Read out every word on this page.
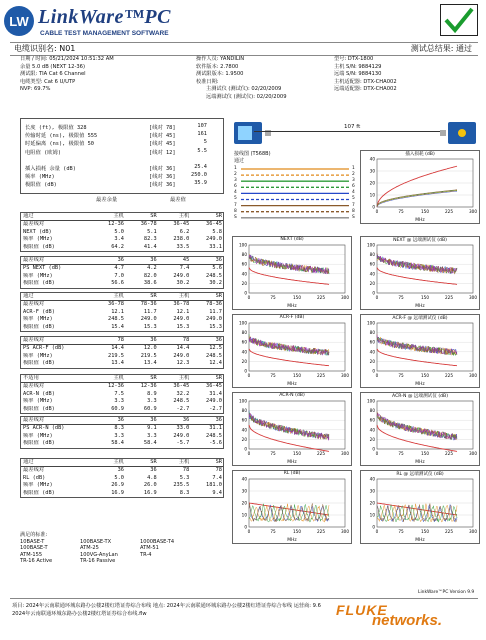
LW LinkWare™PC
CABLE TEST MANAGEMENT SOFTWARE
电缆识别名: N01	测试总结果: 通过
日期 / 时间: 05/21/2024 10:51:32 AM
余量 5.0 dB (NEXT 12-36)
测试限: TIA Cat 6 Channel
电缆类型: Cat 6 U/UTP
NVP: 69.7%
操作人员: YANDILIN
软件版本: 2.7800
测试限版本: 1.9500
校准日期:
主测试仪 (测试仪): 02/20/2009
远端测试仪 (测试仪): 02/20/2009
型号: DTX-1800
主机 S/N: 9884129
远端 S/N: 9884130
主机适配器: DTX-CHA002
远端适配器: DTX-CHA002
长度 (ft), 极限值 328	[线对 78]	107
传输时延 (ns), 极限值 555	[线对 45]	161
时延偏离 (ns), 极限值 50	[线对 45]	5
电阻值 (欧姆)	[线对 12]	5.5
插入损耗 余量 (dB)	[线对 36]	25.4
频率 (MHz)	[线对 36]	250.0
极限值 (dB)	[线对 36]	35.9
最差余量	最差值
通过	主机	SR	主机	SR
最差线对	12-36	36-78	36-45	36-45
NEXT (dB)	5.0	5.1	6.2	5.8
频率 (MHz)	3.4	82.3	238.0	249.0
极限值 (dB)	64.2	41.4	33.5	33.1
最差线对	36	36	45	36
PS NEXT (dB)	4.7	4.2	7.4	5.6
频率 (MHz)	7.0	82.0	249.0	248.5
极限值 (dB)	56.6	38.6	30.2	30.2
通过	主机	SR	主机	SR
最差线对	36-78	78-36	36-78	78-36
ACR-F (dB)	12.1	11.7	12.1	11.7
频率 (MHz)	248.5	249.0	249.0	249.0
极限值 (dB)	15.4	15.3	15.3	15.3
最差线对	78	36	78	36
PS ACR-F (dB)	14.4	12.0	14.4	12.5
频率 (MHz)	219.5	219.5	249.0	248.5
极限值 (dB)	13.4	13.4	12.3	12.4
不适用	主机	SR	主机	SR
最差线对	12-36	12-36	36-45	36-45
ACR-N (dB)	7.5	8.9	32.2	31.4
频率 (MHz)	3.3	3.3	248.5	249.0
极限值 (dB)	60.9	60.9	-2.7	-2.7
最差线对	36	36	36	36
PS ACR-N (dB)	8.3	9.1	33.0	31.1
频率 (MHz)	3.3	3.3	249.0	248.5
极限值 (dB)	58.4	58.4	-5.7	-5.6
通过	主机	SR	主机	SR
最差线对	36	36	78	78
RL (dB)	5.0	4.8	5.3	7.4
频率 (MHz)	26.9	26.0	235.5	181.0
极限值 (dB)	16.9	16.9	8.3	9.4
满足的标准:
10BASE-T	100BASE-TX	1000BASE-T4
100BASE-T	ATM-25	ATM-51
ATM-155	100VG-AnyLan	TR-4
TR-16 Active	TR-16 Passive
107 ft
接线图 (T568B)
通过
1
2
3
6
4
5
7
8
S
1
2
3
6
4
5
7
8
S
插入损耗 (dB)
MHz
40
30
20
10
0
0	75	150	225	300
NEXT (dB)
MHz
100
80
60
40
20
0
0	75	150	225	300
NEXT @ 远端测试仪 (dB)
MHz
100
80
60
40
20
0
0	75	150	225	300
ACR-F (dB)
MHz
100
80
60
40
20
0
0	75	150	225	300
ACR-F @ 远端测试仪 (dB)
MHz
100
80
60
40
20
0
0	75	150	225	300
ACR-N (dB)
MHz
100
80
60
40
20
0
0	75	150	225	300
ACR-N @ 远端测试仪 (dB)
MHz
100
80
60
40
20
0
0	75	150	225	300
RL (dB)
MHz
40
30
20
10
0
0	75	150	225	300
RL @ 远端测试仪 (dB)
MHz
40
30
20
10
0
0	75	150	225	300
项目: 2024年云南联通环城东路办公楼2楼红塔证券综合布线 地点: 2024年云南联通环城东路办公楼2楼红塔证券综合布线 运营商: 9.6
2024年云南联通环城东路办公楼2楼红塔证券综合布线.flw	FLUKE
networks.
LinkWare™PC Version 9.9
